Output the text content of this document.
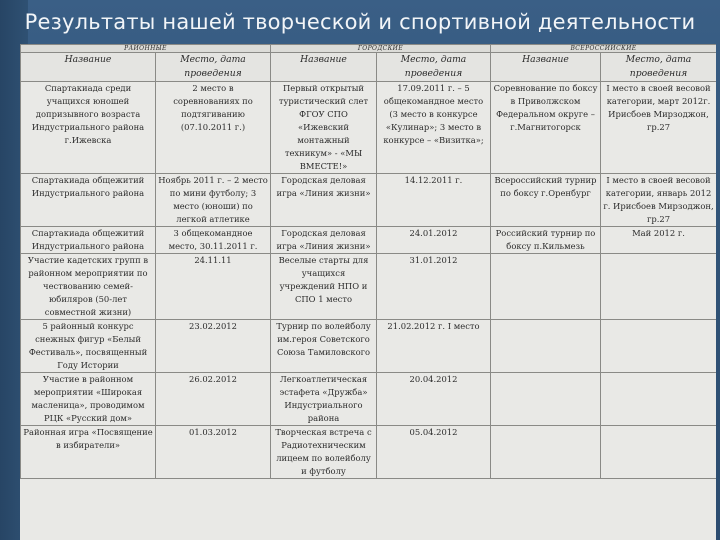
Результаты нашей творческой и спортивной деятельности
РАЙОННЫЕ		ГОРОДСКИЕ		ВСЕРОССИЙСКИЕ	
Название	Место, дата проведения	Название	Место, дата проведения	Название	Место, дата проведения
Спартакиада среди учащихся юношей допризывного возраста Индустриального района г.Ижевска	2 место в соревнованиях по подтягиванию (07.10.2011 г.)	Первый открытый туристический слет ФГОУ СПО «Ижевский монтажный техникум» - «МЫ ВМЕСТЕ!»	17.09.2011 г. – 5 общекомандное место (3 место в конкурсе «Кулинар»; 3 место в конкурсе – «Визитка»;	Соревнование по боксу в Приволжском Федеральном округе – г.Магнитогорск	I место в своей весовой категории, март 2012г. Ирисбоев Мирзоджон, гр.27
Спартакиада общежитий Индустриального района	Ноябрь 2011 г. – 2 место по мини футболу; 3 место (юноши) по легкой атлетике	Городская деловая игра «Линия жизни»	14.12.2011 г.	Всероссийский турнир по боксу г.Оренбург	I место в своей весовой категории, январь 2012 г. Ирисбоев Мирзоджон, гр.27
Спартакиада общежитий Индустриального района	3 общекомандное место, 30.11.2011 г.	Городская деловая игра «Линия жизни»	24.01.2012	Российский турнир по боксу п.Кильмезь	Май 2012 г.
Участие кадетских групп в районном мероприятии по чествованию семей-юбиляров (50-лет совместной жизни)	24.11.11	Веселые старты для учащихся учреждений НПО и СПО 1 место	31.01.2012		
5 районный конкурс снежных фигур «Белый Фестиваль», посвященный Году Истории	23.02.2012	Турнир по волейболу им.героя Советского Союза Тамиловского	21.02.2012 г. I место		
Участие в районном мероприятии «Широкая масленица», проводимом РЦК «Русский дом»	26.02.2012	Легкоатлетическая эстафета «Дружба» Индустриального района	20.04.2012		
Районная игра «Посвящение в избиратели»	01.03.2012	Творческая встреча с Радиотехническим лицеем по волейболу и футболу	05.04.2012		
